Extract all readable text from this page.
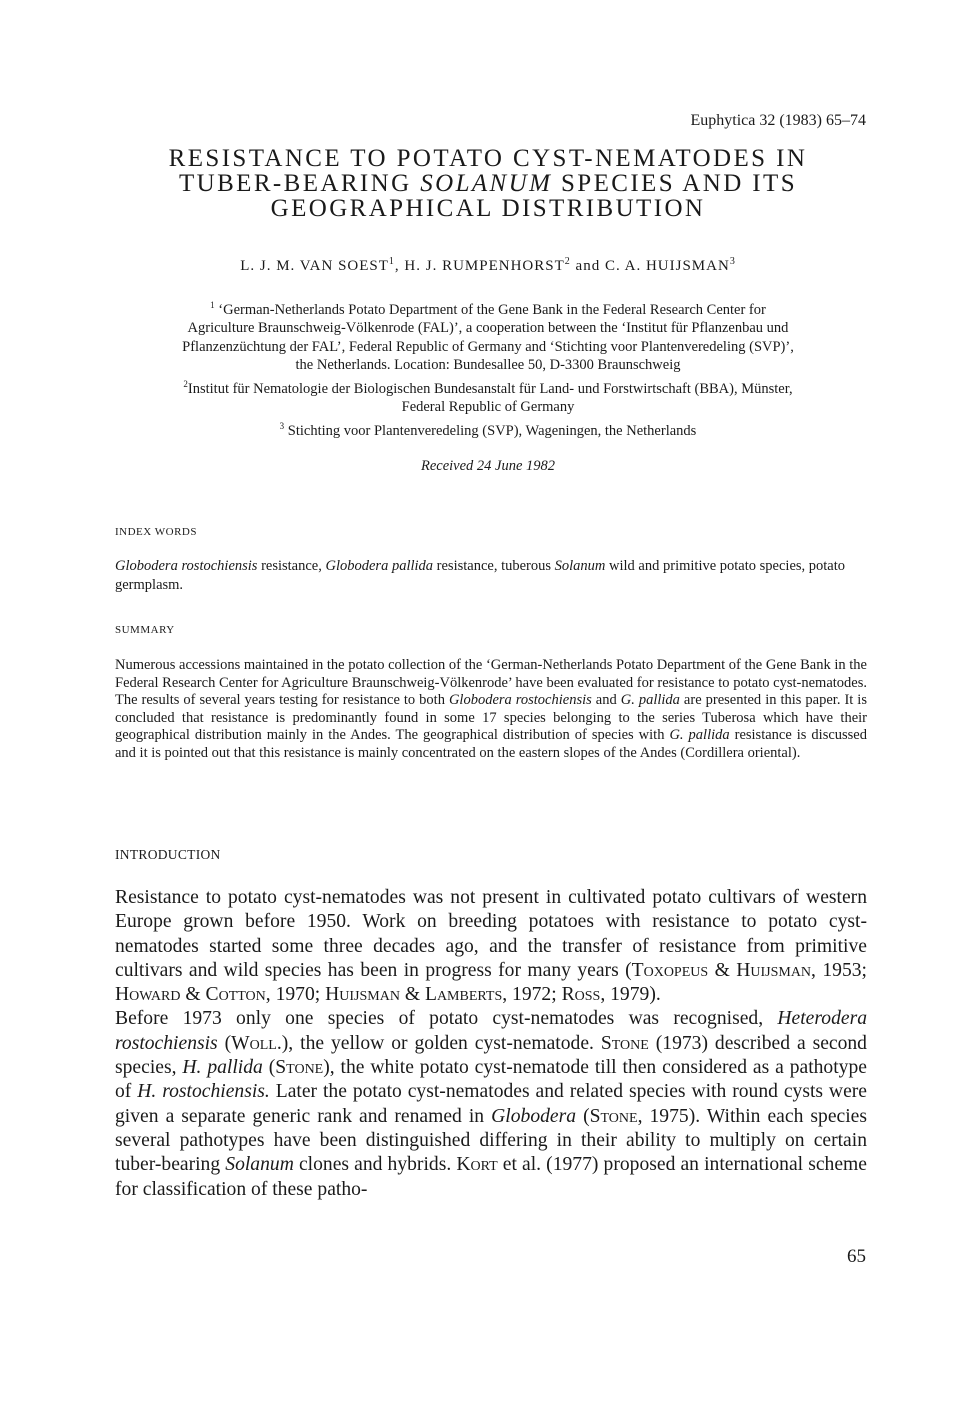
Euphytica 32 (1983) 65–74
RESISTANCE TO POTATO CYST-NEMATODES IN
TUBER-BEARING SOLANUM SPECIES AND ITS
GEOGRAPHICAL DISTRIBUTION
L. J. M. VAN SOEST$^1$, H. J. RUMPENHORST$^2$ and C. A. HUIJSMAN$^3$
$^1$ ‘German-Netherlands Potato Department of the Gene Bank in the Federal Research Center for
Agriculture Braunschweig-Völkenrode (FAL)’, a cooperation between the ‘Institut für Pflanzenbau und
Pflanzenzüchtung der FAL’, Federal Republic of Germany and ‘Stichting voor Plantenveredeling (SVP)’,
the Netherlands. Location: Bundesallee 50, D-3300 Braunschweig
$^2$Institut für Nematologie der Biologischen Bundesanstalt für Land- und Forstwirtschaft (BBA), Münster,
Federal Republic of Germany
$^3$ Stichting voor Plantenveredeling (SVP), Wageningen, the Netherlands
Received 24 June 1982
INDEX WORDS
Globodera rostochiensis resistance, Globodera pallida resistance, tuberous Solanum wild and primitive potato species, potato germplasm.
SUMMARY
Numerous accessions maintained in the potato collection of the ‘German-Netherlands Potato Department of the Gene Bank in the Federal Research Center for Agriculture Braunschweig-Völkenrode’ have been evaluated for resistance to potato cyst-nematodes. The results of several years testing for resistance to both Globodera rostochiensis and G. pallida are presented in this paper. It is concluded that resistance is predominantly found in some 17 species belonging to the series Tuberosa which have their geographical distribution mainly in the Andes. The geographical distribution of species with G. pallida resistance is discussed and it is pointed out that this resistance is mainly concentrated on the eastern slopes of the Andes (Cordillera oriental).
INTRODUCTION

Resistance to potato cyst-nematodes was not present in cultivated potato cultivars of western Europe grown before 1950. Work on breeding potatoes with resistance to potato cyst-nematodes started some three decades ago, and the transfer of resistance from primitive cultivars and wild species has been in progress for many years (Toxopeus & Huijsman, 1953; Howard & Cotton, 1970; Huijsman & Lamberts, 1972; Ross, 1979).

Before 1973 only one species of potato cyst-nematodes was recognised, Heterodera rostochiensis (Woll.), the yellow or golden cyst-nematode. Stone (1973) described a second species, H. pallida (Stone), the white potato cyst-nematode till then considered as a pathotype of H. rostochiensis. Later the potato cyst-nematodes and related species with round cysts were given a separate generic rank and renamed in Globodera (Stone, 1975). Within each species several pathotypes have been distinguished differing in their ability to multiply on certain tuber-bearing Solanum clones and hybrids. Kort et al. (1977) proposed an international scheme for classification of these patho-

65
